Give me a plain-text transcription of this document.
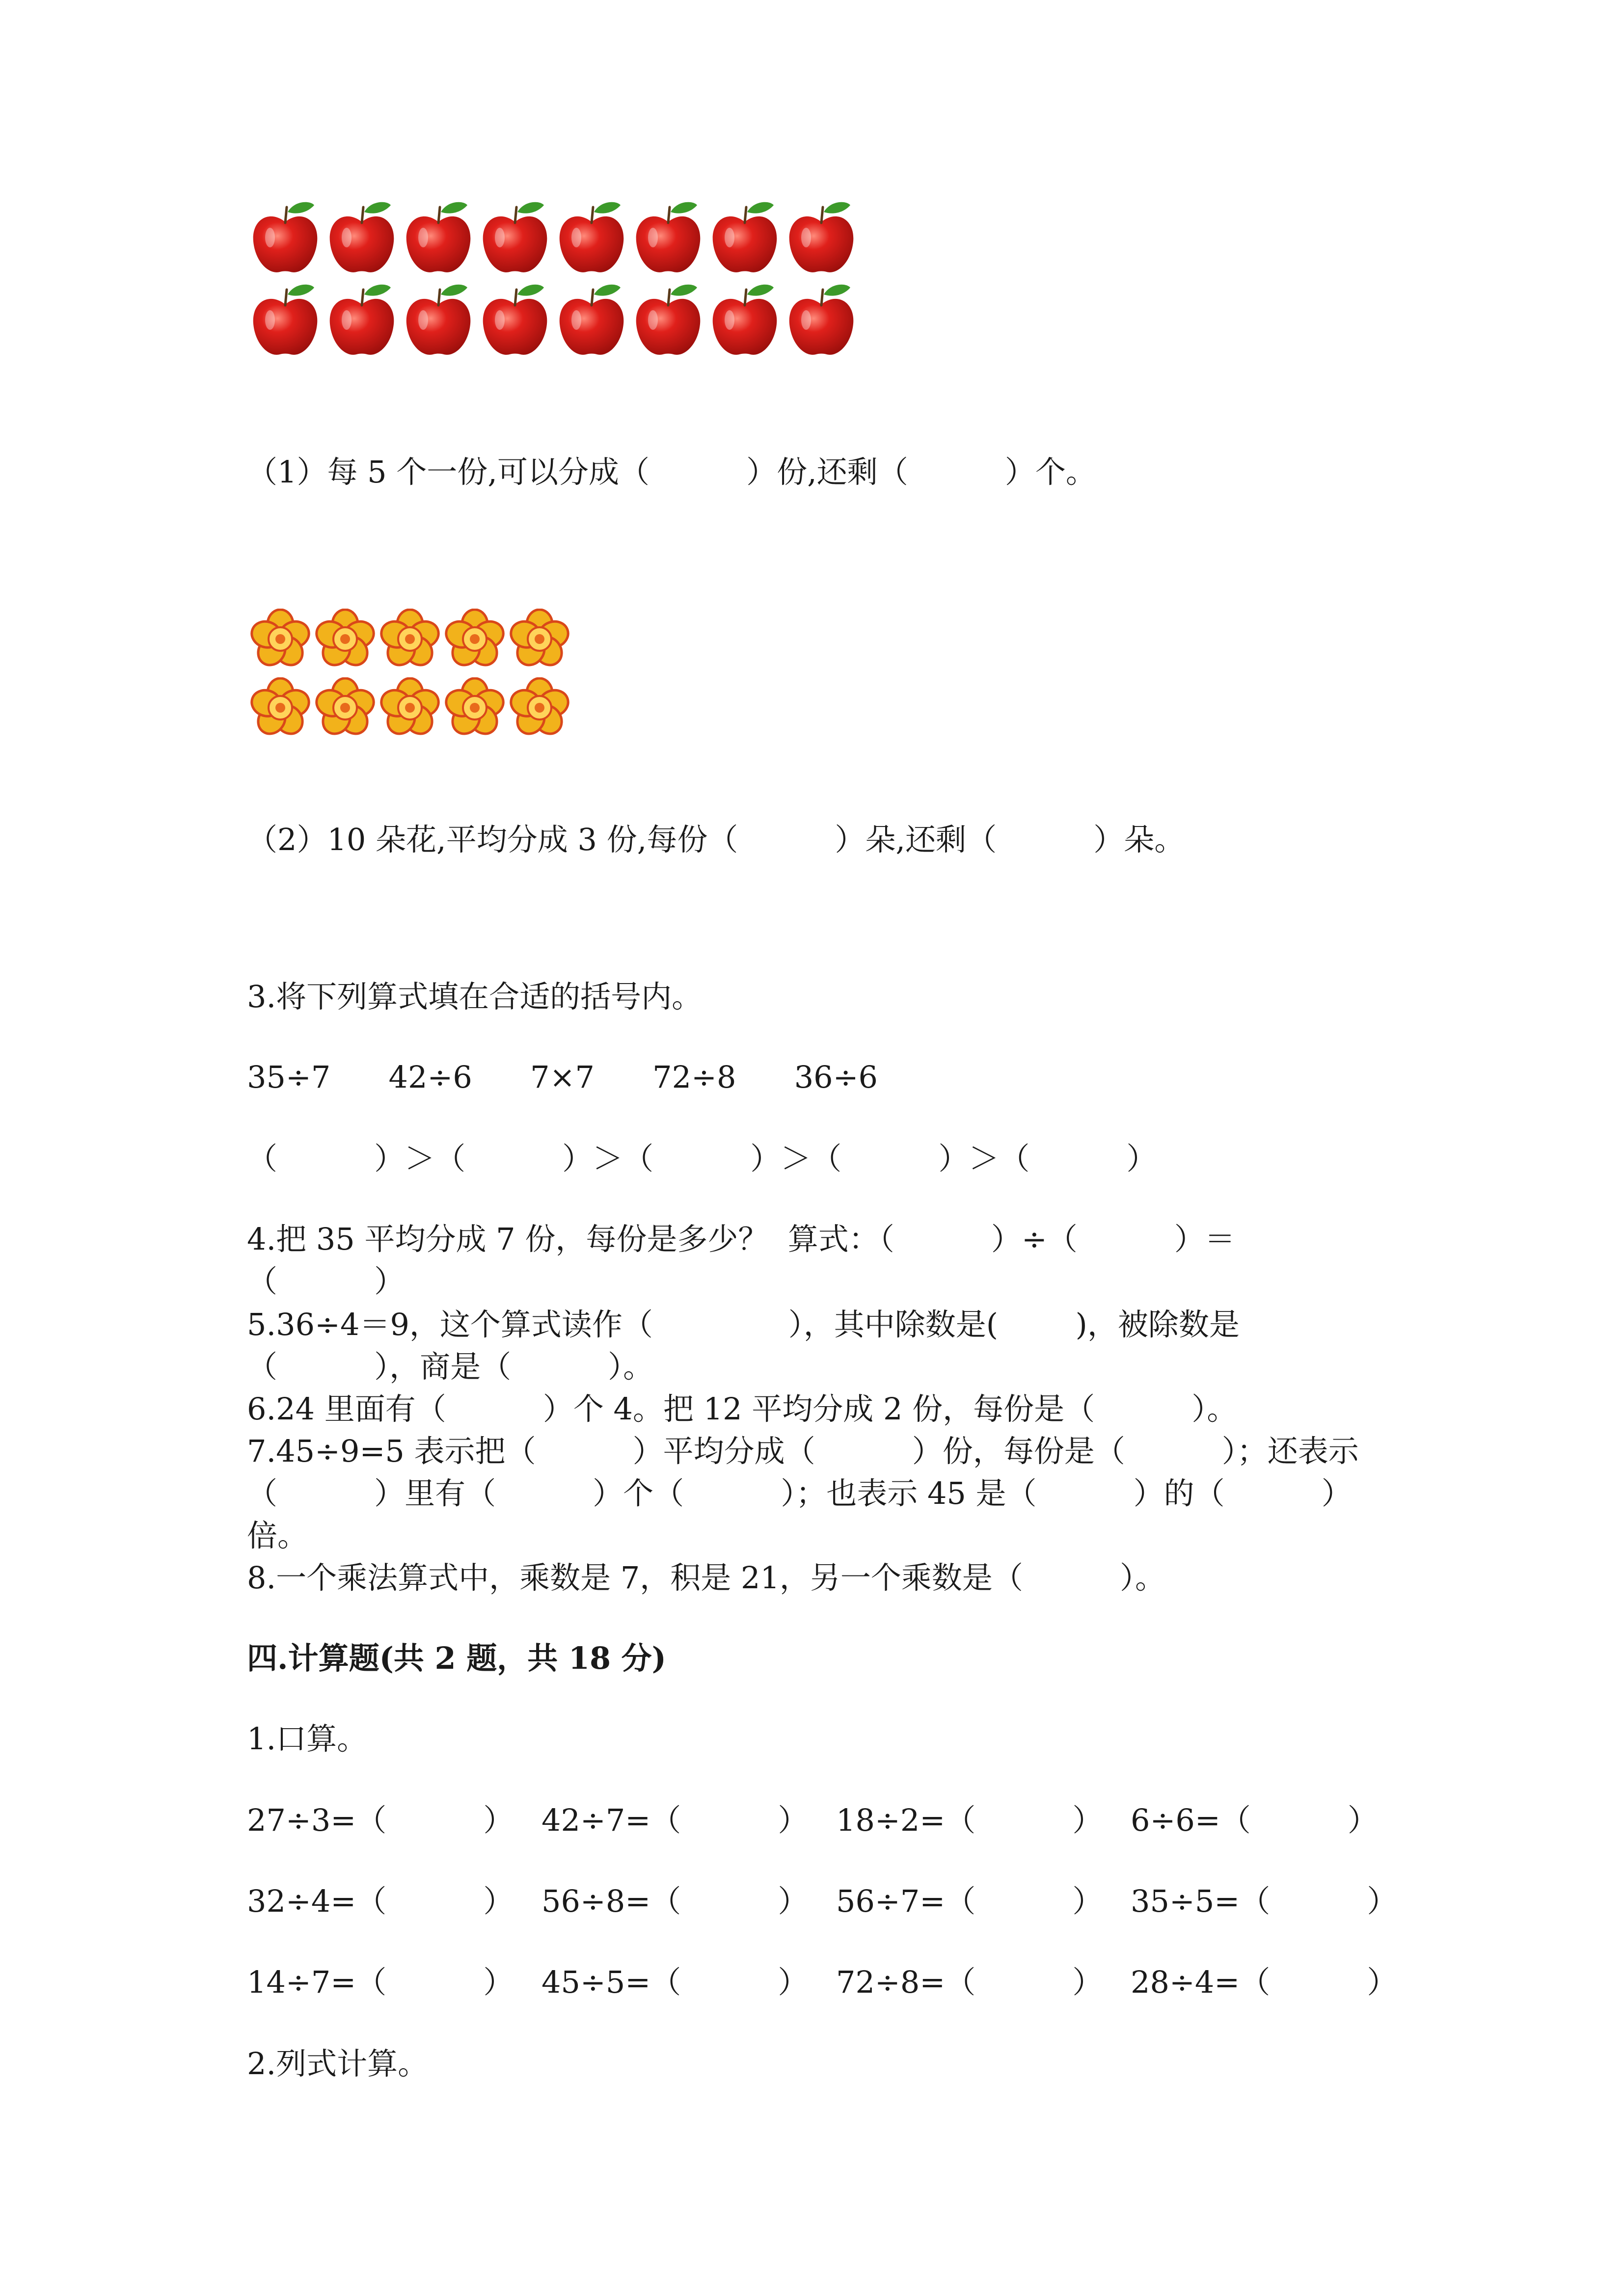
（1）每 5 个一份,可以分成（          ）份,还剩（          ）个。
（2）10 朵花,平均分成 3 份,每份（          ）朵,还剩（          ）朵。
3.将下列算式填在合适的括号内。
35÷7      42÷6      7×7      72÷8      36÷6
（          ）＞（          ）＞（          ）＞（          ）＞（          ）
4.把 35 平均分成 7 份，每份是多少？  算式：（          ）÷（          ）＝
（          ）
5.36÷4＝9，这个算式读作（              ），其中除数是(        )，被除数是
（          ），商是（          ）。
6.24 里面有（          ）个 4。把 12 平均分成 2 份，每份是（          ）。
7.45÷9=5 表示把（          ）平均分成（          ）份，每份是（          ）；还表示
（          ）里有（          ）个（          ）；也表示 45 是（          ）的（          ）
倍。
8.一个乘法算式中，乘数是 7，积是 21，另一个乘数是（          ）。
四.计算题(共 2 题，共 18 分)
1.口算。
27÷3=（          ） 42÷7=（          ） 18÷2=（          ） 6÷6=（          ）
32÷4=（          ） 56÷8=（          ） 56÷7=（          ） 35÷5=（          ）
14÷7=（          ） 45÷5=（          ） 72÷8=（          ） 28÷4=（          ）
2.列式计算。
